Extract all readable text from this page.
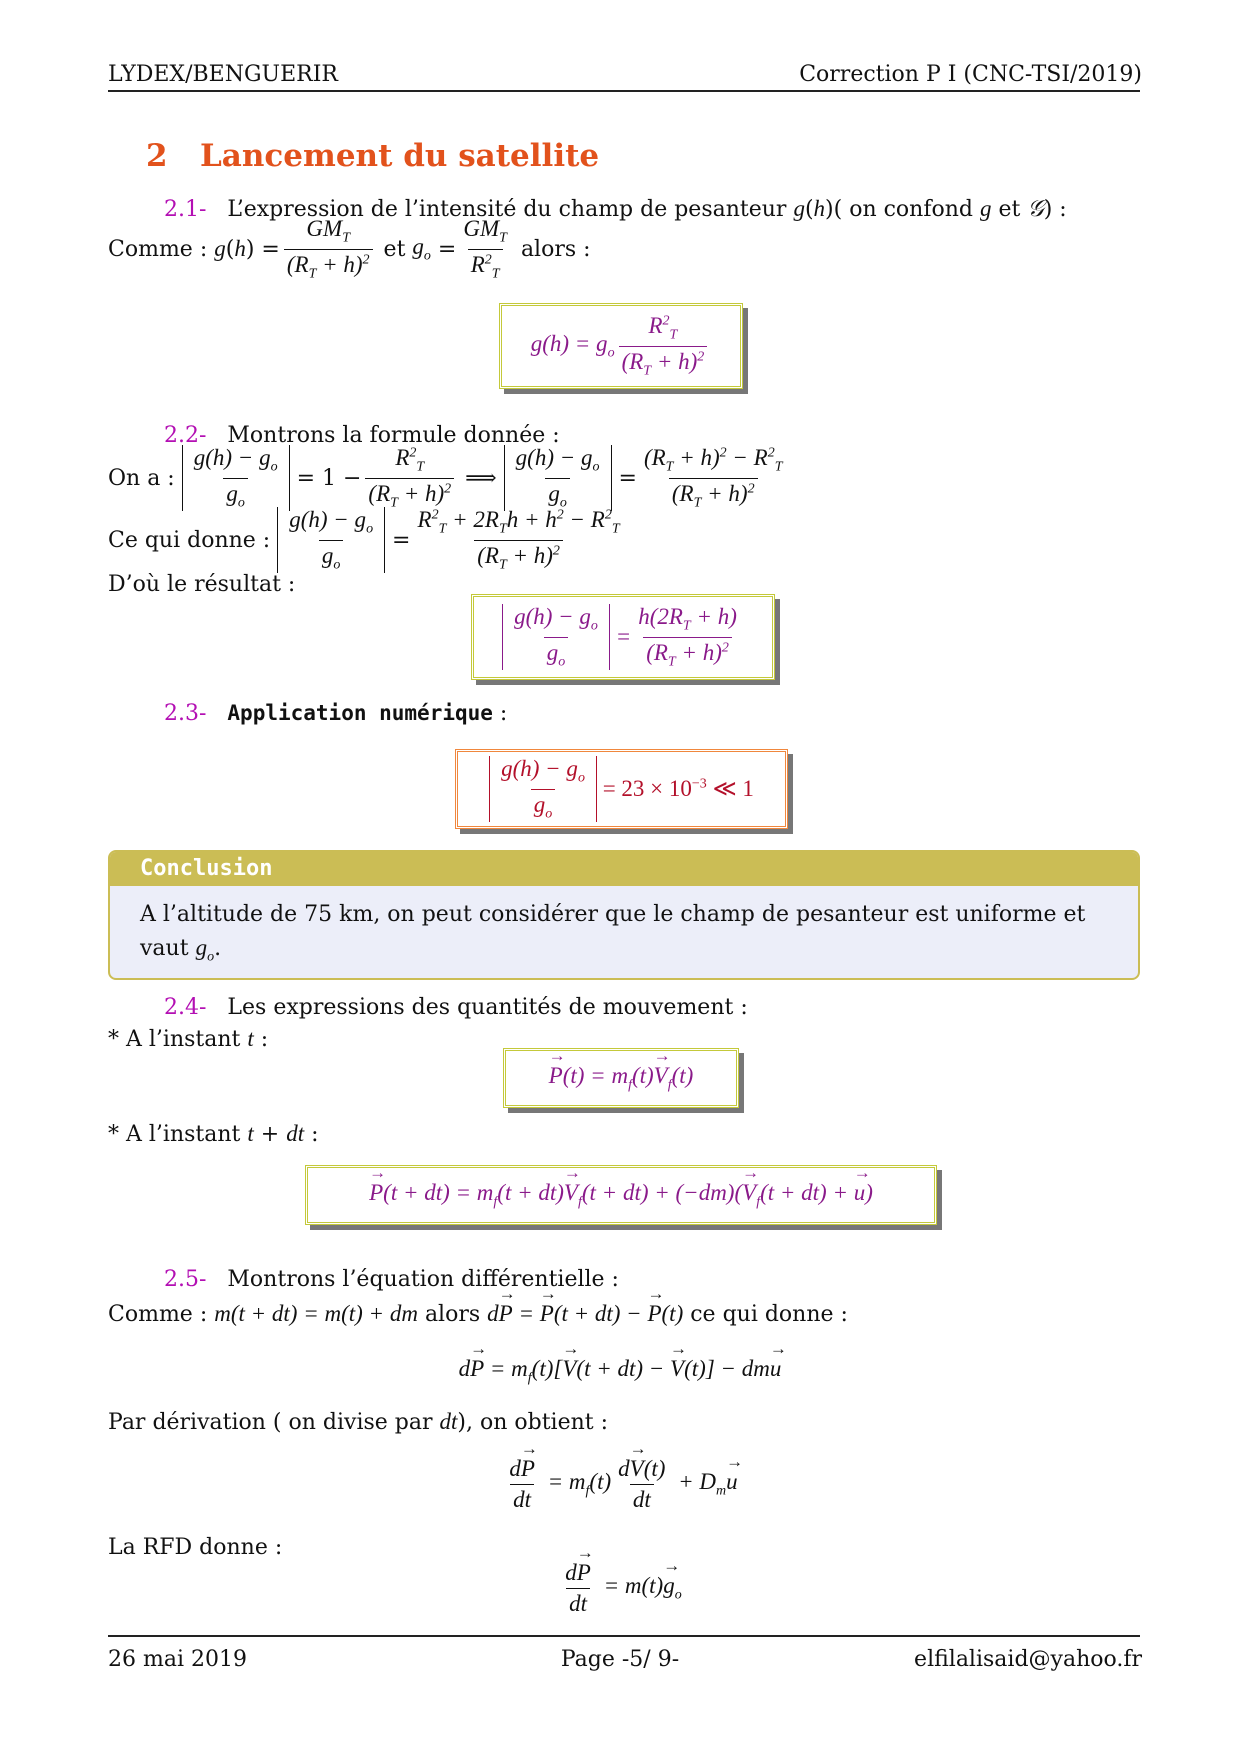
LYDEX/BENGUERIR	Correction P I (CNC-TSI/2019)
2 Lancement du satellite
2.1- L’expression de l’intensité du champ de pesanteur g(h)( on confond g et 𝒢) :
Comme :
g ( h ) = $\frac{GM_T}{(R_T + h)^2}$
et
$g_o = \frac{GM_T}{R^2_T}$
alors :
$g(h) = g_o \frac{R^2_T}{(R_T + h)^2}$
2.2- Montrons la formule donnée :
On a :
$\frac{g(h) - g_o}{g_o} = 1 - \frac{R^2_T}{(R_T + h)^2}$ ⟹ $\frac{g(h) - g_o}{g_o} = \frac{(R_T + h)^2 - R^2_T}{(R_T + h)^2}$
Ce qui donne :
$\frac{g(h) - g_o}{g_o} = \frac{R^2_T + 2R_Th + h^2 - R^2_T}{(R_T + h)^2}$
D’où le résultat :
$\frac{g(h) - g_o}{g_o} = \frac{h(2R_T + h)}{(R_T + h)^2}$
2.3- Application numérique :
$\frac{g(h) - g_o}{g_o} = 23 \times 10^{-3}$ ≪ 1
Conclusion
A l’altitude de 75 km, on peut considérer que le champ de pesanteur est uniforme et vaut $g_o$.
2.4- Les expressions des quantités de mouvement :
* A l’instant t :
→ $P(t) = m_f(t)\to V_f(t)$
* A l’instant t + dt :
→ $P(t + dt) = m_f(t + dt)\to V_f(t + dt) + (-dm)(\to V_f(t + dt)$ + → u)
2.5- Montrons l’équation différentielle :
Comme : m(t + dt) = m(t) + dm alors d→ P = → P(t + dt) − → P(t) ce qui donne :
$d\to P = m_f(t)[\to V(t + dt)$ − → V(t)] − dm→ u
Par dérivation ( on divise par dt), on obtient :
$\frac{d\to P}{dt} = m_f(t) \frac{d\to V(t)}{dt} + D_m\to u$
La RFD donne :
$\frac{d\to P}{dt} = m(t)\to g_o$
26 mai 2019	Page -5/ 9-	elfilalisaid@yahoo.fr
